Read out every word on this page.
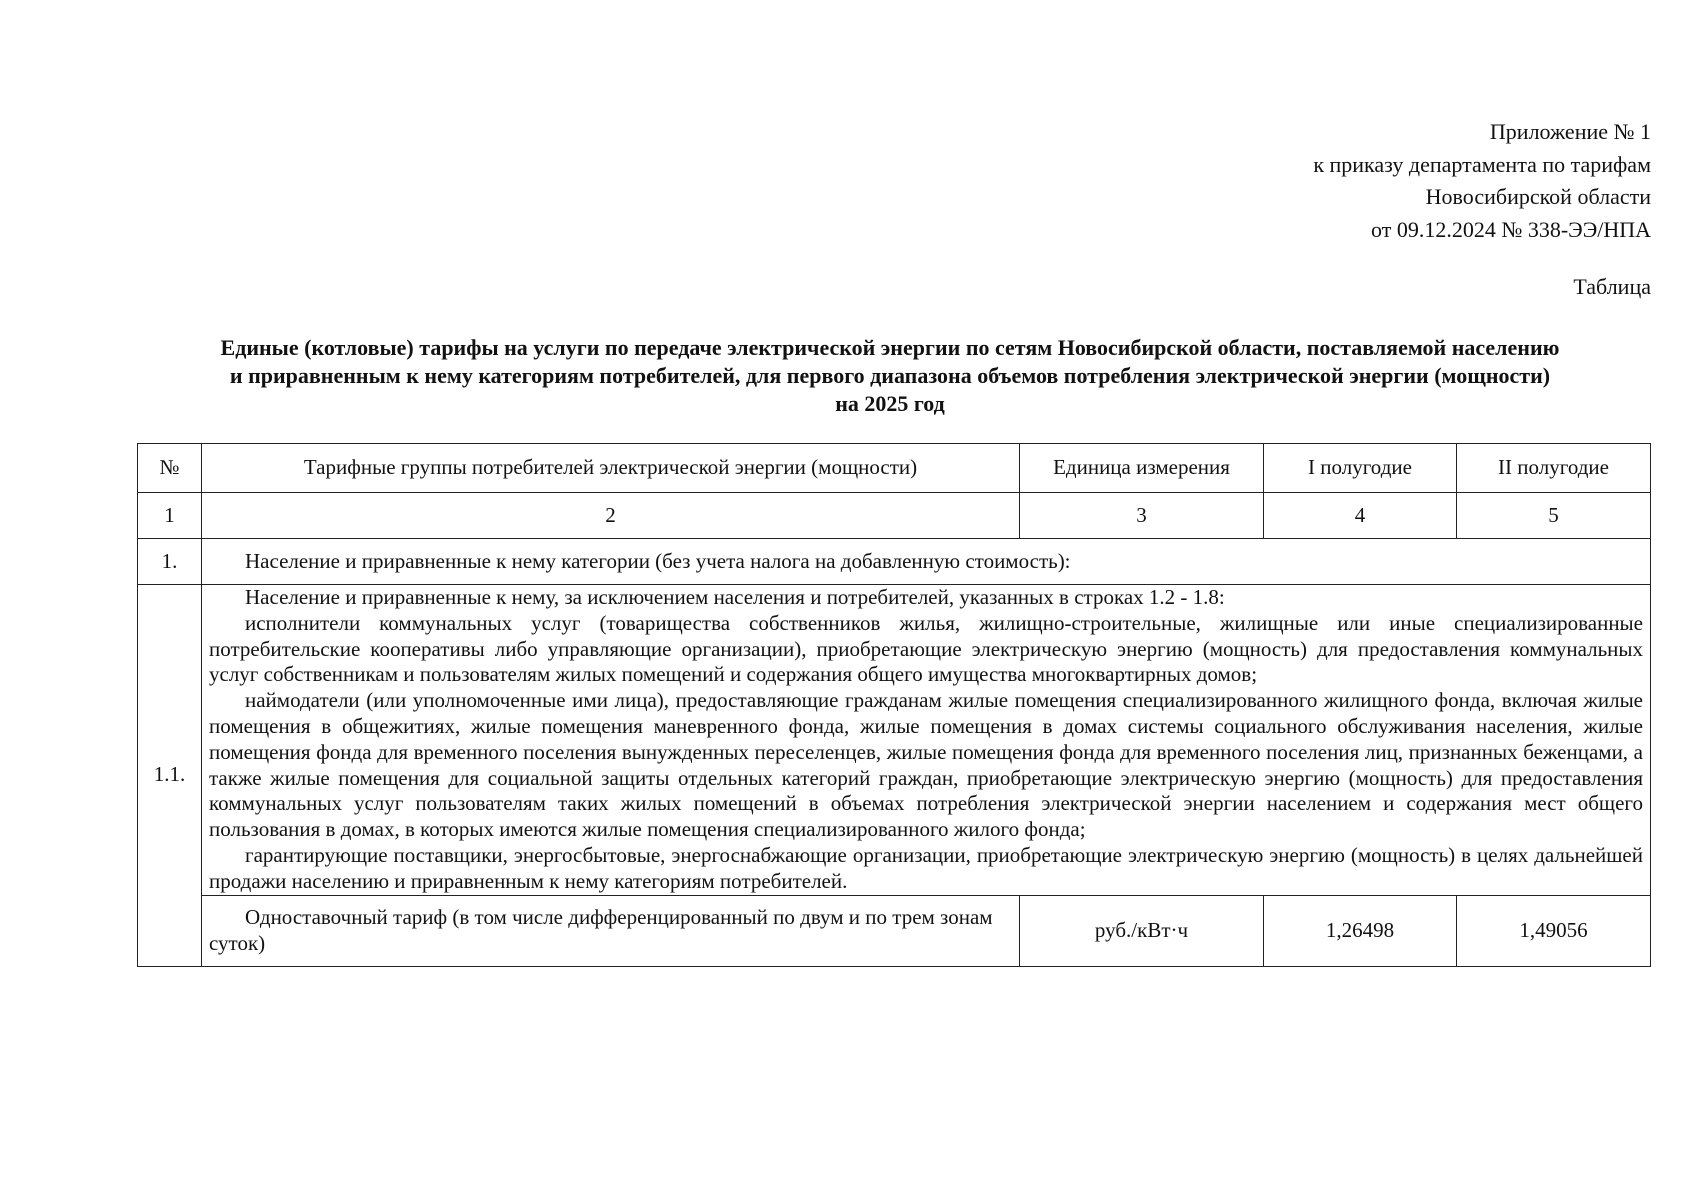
Приложение № 1
к приказу департамента по тарифам
Новосибирской области
от 09.12.2024 № 338-ЭЭ/НПА
Таблица
Единые (котловые) тарифы на услуги по передаче электрической энергии по сетям Новосибирской области, поставляемой населению
и приравненным к нему категориям потребителей, для первого диапазона объемов потребления электрической энергии (мощности)
на 2025 год
№	Тарифные группы потребителей электрической энергии (мощности)	Единица измерения	I полугодие	II полугодие
1	2	3	4	5
1.	Население и приравненные к нему категории (без учета налога на добавленную стоимость):			
1.1.	Население и приравненные к нему, за исключением населения и потребителей, указанных в строках 1.2 - 1.8:

исполнители коммунальных услуг (товарищества собственников жилья, жилищно-строительные, жилищные или иные специализированные потребительские кооперативы либо управляющие организации), приобретающие электрическую энергию (мощность) для предоставления коммунальных услуг собственникам и пользователям жилых помещений и содержания общего имущества многоквартирных домов;

наймодатели (или уполномоченные ими лица), предоставляющие гражданам жилые помещения специализированного жилищного фонда, включая жилые помещения в общежитиях, жилые помещения маневренного фонда, жилые помещения в домах системы социального обслуживания населения, жилые помещения фонда для временного поселения вынужденных переселенцев, жилые помещения фонда для временного поселения лиц, признанных беженцами, а также жилые помещения для социальной защиты отдельных категорий граждан, приобретающие электрическую энергию (мощность) для предоставления коммунальных услуг пользователям таких жилых помещений в объемах потребления электрической энергии населением и содержания мест общего пользования в домах, в которых имеются жилые помещения специализированного жилого фонда;

гарантирующие поставщики, энергосбытовые, энергоснабжающие организации, приобретающие электрическую энергию (мощность) в целях дальнейшей продажи населению и приравненным к нему категориям потребителей.			

	Одноставочный тариф (в том числе дифференцированный по двум и по трем зонам суток)	руб./кВт·ч	1,26498	1,49056
